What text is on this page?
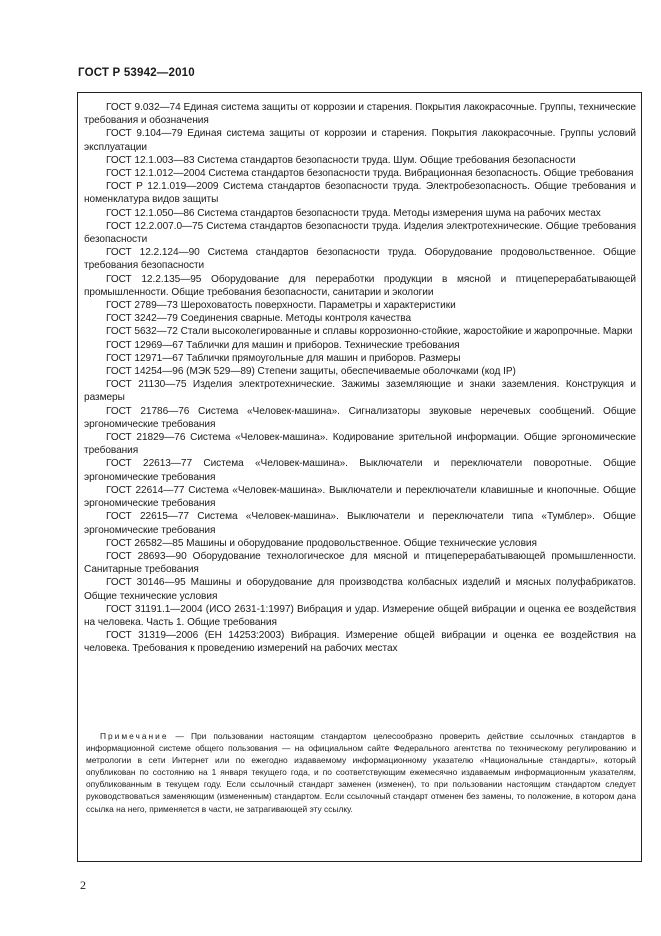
ГОСТ Р 53942—2010

ГОСТ 9.032—74 Единая система защиты от коррозии и старения. Покрытия лакокрасочные. Группы, технические требования и обозначения

ГОСТ 9.104—79 Единая система защиты от коррозии и старения. Покрытия лакокрасочные. Группы условий эксплуатации

ГОСТ 12.1.003—83 Система стандартов безопасности труда. Шум. Общие требования безопасности

ГОСТ 12.1.012—2004 Система стандартов безопасности труда. Вибрационная безопасность. Общие требования

ГОСТ Р 12.1.019—2009 Система стандартов безопасности труда. Электробезопасность. Общие требования и номенклатура видов защиты

ГОСТ 12.1.050—86 Система стандартов безопасности труда. Методы измерения шума на рабочих местах

ГОСТ 12.2.007.0—75 Система стандартов безопасности труда. Изделия электротехнические. Общие требования безопасности

ГОСТ 12.2.124—90 Система стандартов безопасности труда. Оборудование продовольственное. Общие требования безопасности

ГОСТ 12.2.135—95 Оборудование для переработки продукции в мясной и птицеперерабатывающей промышленности. Общие требования безопасности, санитарии и экологии

ГОСТ 2789—73 Шероховатость поверхности. Параметры и характеристики

ГОСТ 3242—79 Соединения сварные. Методы контроля качества

ГОСТ 5632—72 Стали высоколегированные и сплавы коррозионно-стойкие, жаростойкие и жаропрочные. Марки

ГОСТ 12969—67 Таблички для машин и приборов. Технические требования

ГОСТ 12971—67 Таблички прямоугольные для машин и приборов. Размеры

ГОСТ 14254—96 (МЭК 529—89) Степени защиты, обеспечиваемые оболочками (код IP)

ГОСТ 21130—75 Изделия электротехнические. Зажимы заземляющие и знаки заземления. Конструкция и размеры

ГОСТ 21786—76 Система «Человек-машина». Сигнализаторы звуковые неречевых сообщений. Общие эргономические требования

ГОСТ 21829—76 Система «Человек-машина». Кодирование зрительной информации. Общие эргономические требования

ГОСТ 22613—77 Система «Человек-машина». Выключатели и переключатели поворотные. Общие эргономические требования

ГОСТ 22614—77 Система «Человек-машина». Выключатели и переключатели клавишные и кнопочные. Общие эргономические требования

ГОСТ 22615—77 Система «Человек-машина». Выключатели и переключатели типа «Тумблер». Общие эргономические требования

ГОСТ 26582—85 Машины и оборудование продовольственное. Общие технические условия

ГОСТ 28693—90 Оборудование технологическое для мясной и птицеперерабатывающей промышленности. Санитарные требования

ГОСТ 30146—95 Машины и оборудование для производства колбасных изделий и мясных полуфабрикатов. Общие технические условия

ГОСТ 31191.1—2004 (ИСО 2631-1:1997) Вибрация и удар. Измерение общей вибрации и оценка ее воздействия на человека. Часть 1. Общие требования

ГОСТ 31319—2006 (ЕН 14253:2003) Вибрация. Измерение общей вибрации и оценка ее воздействия на человека. Требования к проведению измерений на рабочих местах

Примечание — При пользовании настоящим стандартом целесообразно проверить действие ссылочных стандартов в информационной системе общего пользования — на официальном сайте Федерального агентства по техническому регулированию и метрологии в сети Интернет или по ежегодно издаваемому информационному указателю «Национальные стандарты», который опубликован по состоянию на 1 января текущего года, и по соответствующим ежемесячно издаваемым информационным указателям, опубликованным в текущем году. Если ссылочный стандарт заменен (изменен), то при пользовании настоящим стандартом следует руководствоваться заменяющим (измененным) стандартом. Если ссылочный стандарт отменен без замены, то положение, в котором дана ссылка на него, применяется в части, не затрагивающей эту ссылку.

2
